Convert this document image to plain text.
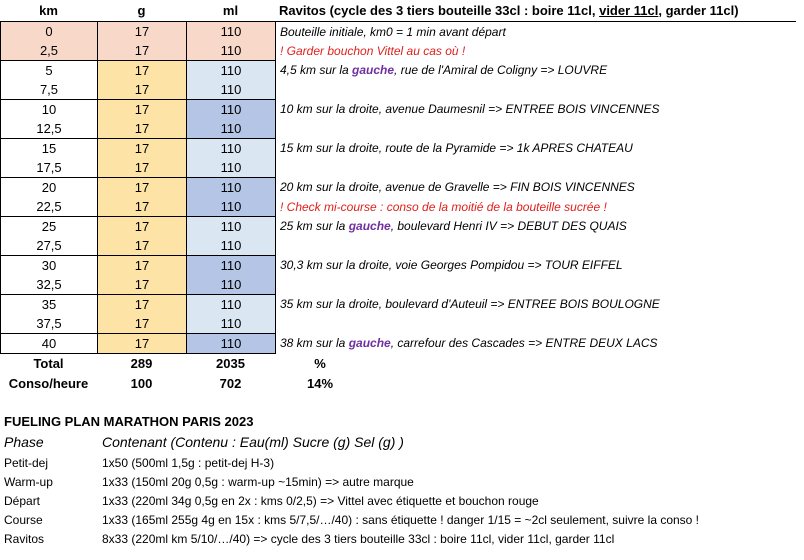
km	g	ml	Ravitos (cycle des 3 tiers bouteille 33cl : boire 11cl, vider 11cl, garder 11cl)
0	17	110	Bouteille initiale, km0 = 1 min avant départ
2,5	17	110	! Garder bouchon Vittel au cas où !
5	17	110	4,5 km sur la gauche, rue de l'Amiral de Coligny => LOUVRE
7,5	17	110	
10	17	110	10 km sur la droite, avenue Daumesnil => ENTREE BOIS VINCENNES
12,5	17	110	
15	17	110	15 km sur la droite, route de la Pyramide => 1k APRES CHATEAU
17,5	17	110	
20	17	110	20 km sur la droite, avenue de Gravelle => FIN BOIS VINCENNES
22,5	17	110	! Check mi-course : conso de la moitié de la bouteille sucrée !
25	17	110	25 km sur la gauche, boulevard Henri IV => DEBUT DES QUAIS
27,5	17	110	
30	17	110	30,3 km sur la droite, voie Georges Pompidou => TOUR EIFFEL
32,5	17	110	
35	17	110	35 km sur la droite, boulevard d'Auteuil => ENTREE BOIS BOULOGNE
37,5	17	110	
40	17	110	38 km sur la gauche, carrefour des Cascades => ENTRE DEUX LACS
Total	289	2035	%
Conso/heure	100	702	14%
FUELING PLAN MARATHON PARIS 2023
Phase	Contenant (Contenu : Eau(ml) Sucre (g) Sel (g) )
Petit-dej	1x50 (500ml 1,5g : petit-dej H-3)
Warm-up	1x33 (150ml 20g 0,5g : warm-up ~15min) => autre marque
Départ	1x33 (220ml 34g 0,5g en 2x : kms 0/2,5) => Vittel avec étiquette et bouchon rouge
Course	1x33 (165ml 255g 4g en 15x : kms 5/7,5/…/40) : sans étiquette ! danger 1/15 = ~2cl seulement, suivre la conso !
Ravitos	8x33 (220ml km 5/10/…/40) => cycle des 3 tiers bouteille 33cl : boire 11cl, vider 11cl, garder 11cl
